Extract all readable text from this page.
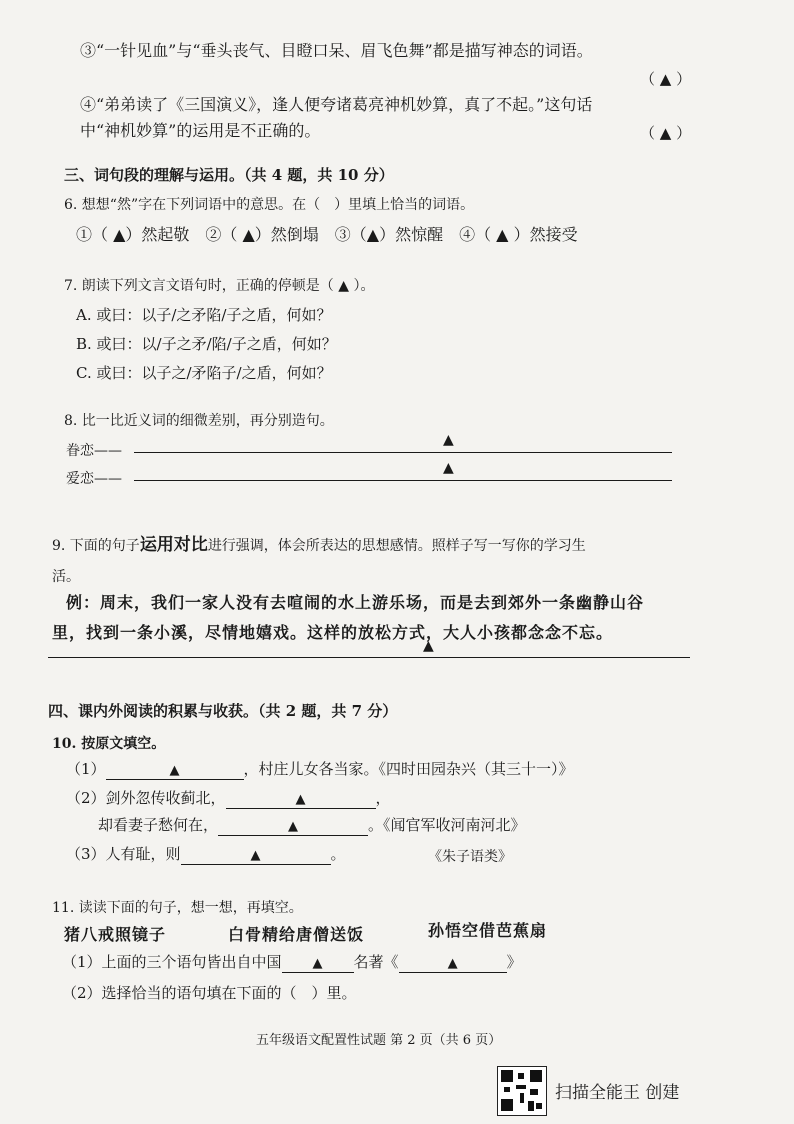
③“一针见血”与“垂头丧气、目瞪口呆、眉飞色舞”都是描写神态的词语。
（ ▲ ）
④“弟弟读了《三国演义》，逢人便夸诸葛亮神机妙算，真了不起。”这句话
中“神机妙算”的运用是不正确的。	（ ▲ ）
三、词句段的理解与运用。（共 4 题，共 10 分）
6. 想想“然”字在下列词语中的意思。在（　）里填上恰当的词语。
①（ ▲）然起敬　②（ ▲）然倒塌　③（▲）然惊醒　④（ ▲ ）然接受
7. 朗读下列文言文语句时，正确的停顿是（ ▲ ）。
A. 或曰：以子/之矛陷/子之盾，何如？
B. 或曰：以/子之矛/陷/子之盾，何如？
C. 或曰：以子之/矛陷子/之盾，何如？
8. 比一比近义词的细微差别，再分别造句。
眷恋——
▲
爱恋——
▲
9. 下面的句子运用对比进行强调，体会所表达的思想感情。照样子写一写你的学习生
活。
例：周末，我们一家人没有去喧闹的水上游乐场，而是去到郊外一条幽静山谷
里，找到一条小溪，尽情地嬉戏。这样的放松方式，大人小孩都念念不忘。
▲
四、课内外阅读的积累与收获。（共 2 题，共 7 分）
10. 按原文填空。
（1）	▲	，村庄儿女各当家。《四时田园杂兴（其三十一）》
（2）剑外忽传收蓟北，	▲	，
却看妻子愁何在，	▲	。《闻官军收河南河北》
（3）人有耻，则	▲	。	《朱子语类》
11. 读读下面的句子，想一想，再填空。
猪八戒照镜子	白骨精给唐僧送饭	孙悟空借芭蕉扇
（1）上面的三个语句皆出自中国 ▲ 名著《	▲	》
（2）选择恰当的语句填在下面的（　）里。
五年级语文配置性试题 第 2 页（共 6 页）
扫描全能王 创建
